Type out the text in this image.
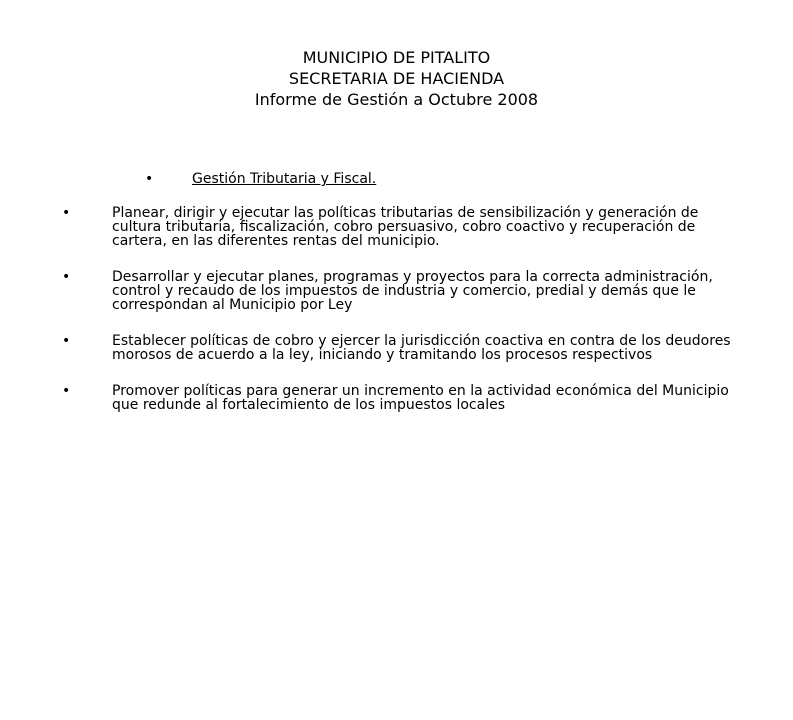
MUNICIPIO DE PITALITO
SECRETARIA DE HACIENDA
Informe de Gestión a Octubre 2008
•	Gestión Tributaria y Fiscal.
•	Planear, dirigir y ejecutar las políticas tributarias de sensibilización y generación de cultura tributaria, fiscalización, cobro persuasivo, cobro coactivo y recuperación de cartera, en las diferentes rentas del municipio.
•	Desarrollar y ejecutar planes, programas y proyectos para la correcta administración, control y recaudo de los impuestos de industria y comercio, predial y demás que le correspondan al Municipio por Ley
•	Establecer políticas de cobro y ejercer la jurisdicción coactiva en contra de los deudores morosos de acuerdo a la ley, iniciando y tramitando los procesos respectivos
•	Promover políticas para generar un incremento en la actividad económica del Municipio que redunde al fortalecimiento de los impuestos locales
